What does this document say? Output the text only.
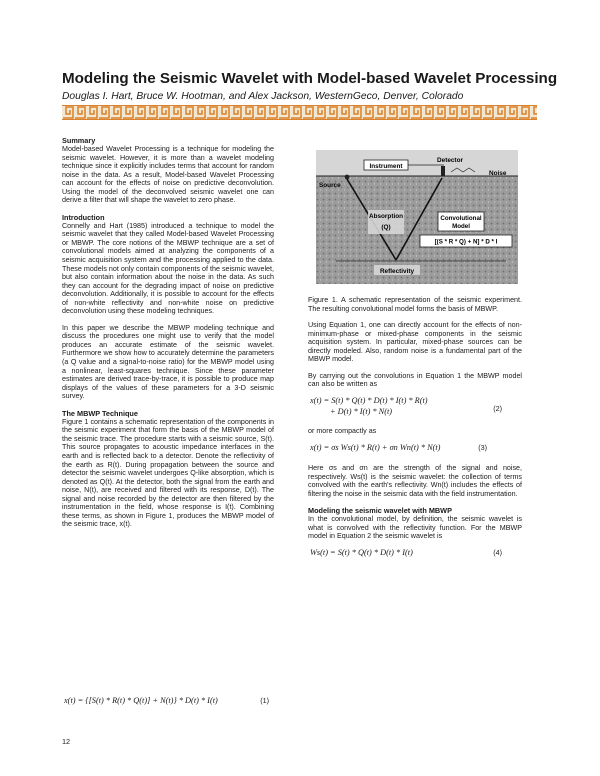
Modeling the Seismic Wavelet with Model-based Wavelet Processing
Douglas I. Hart, Bruce W. Hootman, and Alex Jackson, WesternGeco, Denver, Colorado
Summary

Model-based Wavelet Processing is a technique for modeling the seismic wavelet. However, it is more than a wavelet modeling technique since it explicitly includes terms that account for random noise in the data. As a result, Model-based Wavelet Processing can account for the effects of noise on predictive deconvolution. Using the model of the deconvolved seismic wavelet one can derive a filter that will shape the wavelet to zero phase.

Introduction

Connelly and Hart (1985) introduced a technique to model the seismic wavelet that they called Model-based Wavelet Processing or MBWP. The core notions of the MBWP technique are a set of convolutional models aimed at analyzing the components of a seismic acquisition system and the processing applied to the data. These models not only contain components of the seismic wavelet, but also contain information about the noise in the data. As such they can account for the degrading impact of noise on predictive deconvolution. Additionally, it is possible to account for the effects of non-white reflectivity and non-white noise on predictive deconvolution using these modeling techniques.

In this paper we describe the MBWP modeling technique and discuss the procedures one might use to verify that the model produces an accurate estimate of the seismic wavelet. Furthermore we show how to accurately determine the parameters (a Q value and a signal-to-noise ratio) for the MBWP model using a nonlinear, least-squares technique. Since these parameter estimates are derived trace-by-trace, it is possible to produce map displays of the values of these parameters for a 3-D seismic survey.

The MBWP Technique

Figure 1 contains a schematic representation of the components in the seismic experiment that form the basis of the MBWP model of the seismic trace. The procedure starts with a seismic source, S(t). This source propagates to acoustic impedance interfaces in the earth and is reflected back to a detector. Denote the reflectivity of the earth as R(t). During propagation between the source and detector the seismic wavelet undergoes Q-like absorption, which is denoted as Q(t). At the detector, both the signal from the earth and noise, N(t), are received and filtered with its response, D(t). The signal and noise recorded by the detector are then filtered by the instrumentation in the field, whose response is I(t). Combining these terms, as shown in Figure 1, produces the MBWP model of the seismic trace, x(t).

x(t) = {[S(t) * R(t) * Q(t)] + N(t)} * D(t) * I(t)	(1)
Instrument
Detector
Noise
Source
Absorption
(Q)
Convolutional
Model
[(S * R * Q) + N] * D * I
Reflectivity

Figure 1. A schematic representation of the seismic experiment. The resulting convolutional model forms the basis of MBWP.

Using Equation 1, one can directly account for the effects of non-minimum-phase or mixed-phase components in the seismic acquisition system. In particular, mixed-phase sources can be directly modeled. Also, random noise is a fundamental part of the MBWP model.

By carrying out the convolutions in Equation 1 the MBWP model can also be written as

x(t) = S(t) * Q(t) * D(t) * I(t) * R(t)
+ D(t) * I(t) * N(t)	(2)

or more compactly as

x(t) = σs Ws(t) * R(t) + σn Wn(t) * N(t)	(3)

Here σs and σn are the strength of the signal and noise, respectively. Ws(t) is the seismic wavelet: the collection of terms convolved with the earth's reflectivity. Wn(t) includes the effects of filtering the noise in the seismic data with the field instrumentation.

Modeling the seismic wavelet with MBWP

In the convolutional model, by definition, the seismic wavelet is what is convolved with the reflectivity function. For the MBWP model in Equation 2 the seismic wavelet is

Ws(t) = S(t) * Q(t) * D(t) * I(t)	(4)
12
